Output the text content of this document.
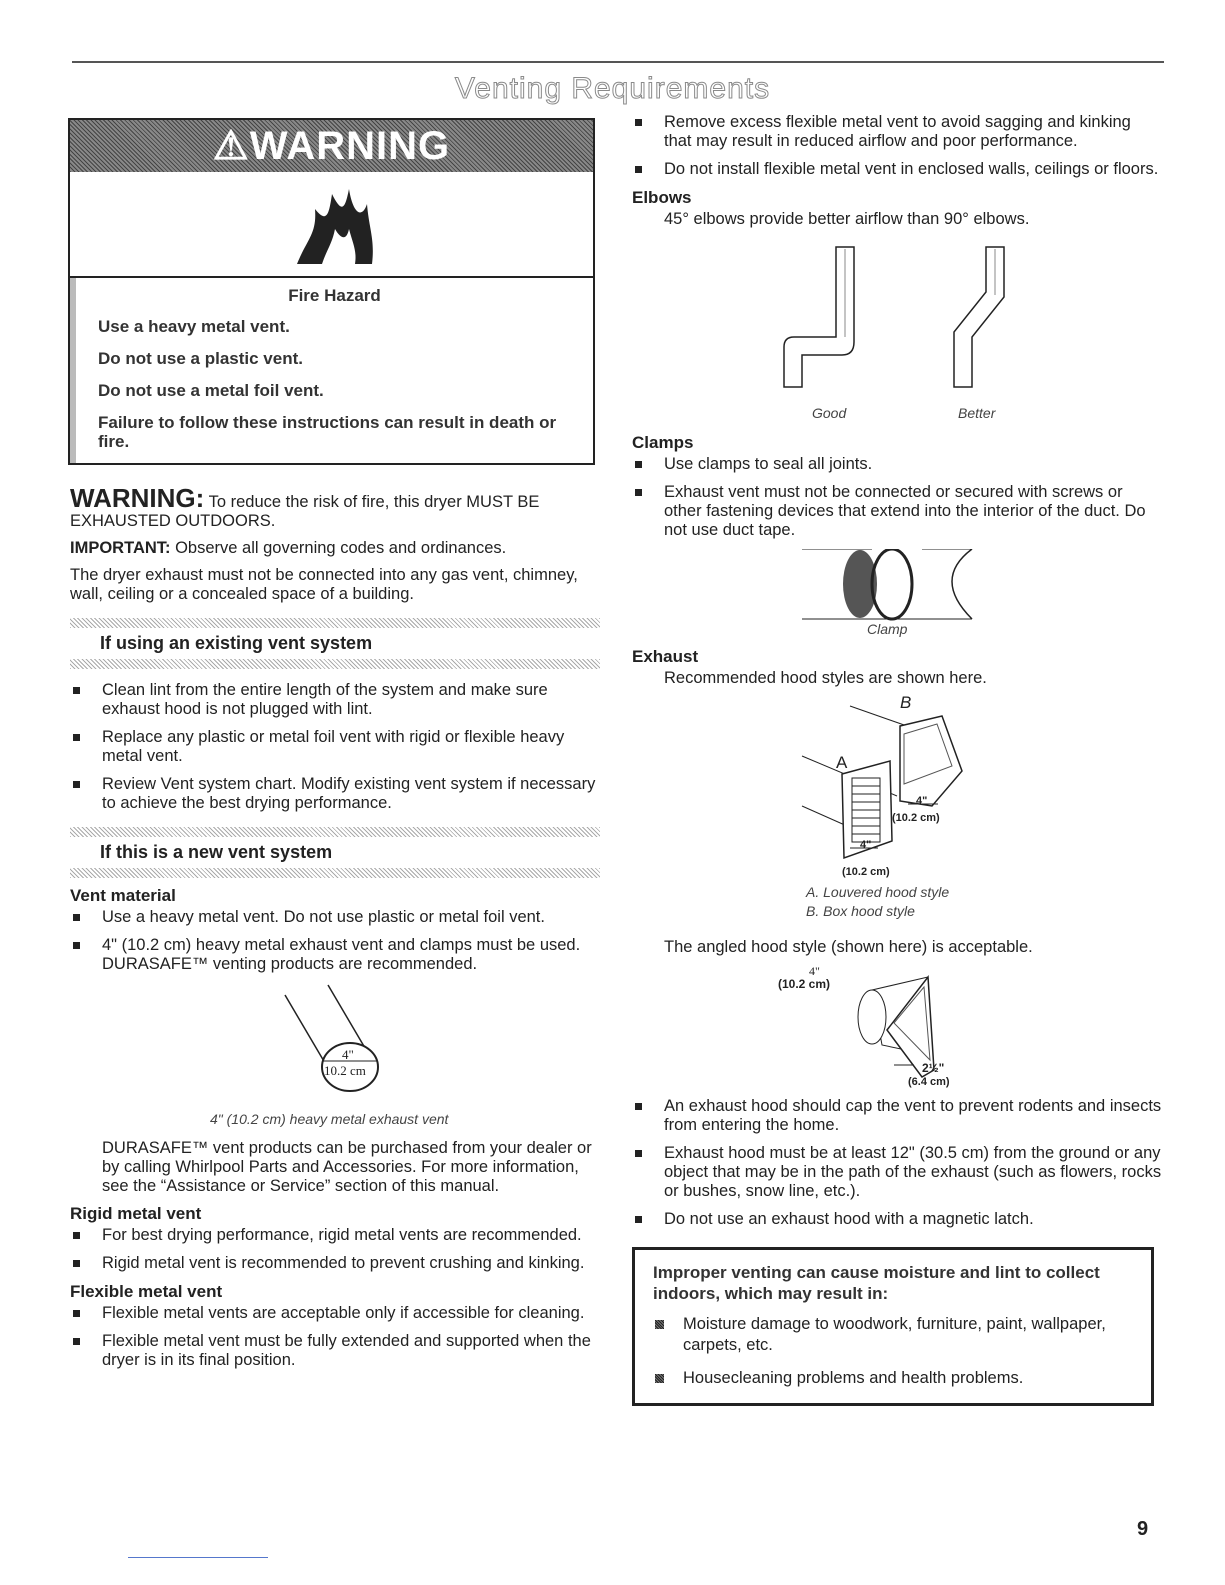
Venting Requirements
⚠WARNING
Fire Hazard
Use a heavy metal vent.
Do not use a plastic vent.
Do not use a metal foil vent.
Failure to follow these instructions can result in death or fire.

WARNING: To reduce the risk of fire, this dryer MUST BE EXHAUSTED OUTDOORS.

IMPORTANT: Observe all governing codes and ordinances.

The dryer exhaust must not be connected into any gas vent, chimney, wall, ceiling or a concealed space of a building.

If using an existing vent system
Clean lint from the entire length of the system and make sure exhaust hood is not plugged with lint.
Replace any plastic or metal foil vent with rigid or flexible heavy metal vent.
Review Vent system chart. Modify existing vent system if necessary to achieve the best drying performance.
If this is a new vent system
Vent material
Use a heavy metal vent. Do not use plastic or metal foil vent.
4" (10.2 cm) heavy metal exhaust vent and clamps must be used. DURASAFE™ venting products are recommended.
4"
10.2 cm
4" (10.2 cm) heavy metal exhaust vent

DURASAFE™ vent products can be purchased from your dealer or by calling Whirlpool Parts and Accessories. For more information, see the “Assistance or Service” section of this manual.

Rigid metal vent
For best drying performance, rigid metal vents are recommended.
Rigid metal vent is recommended to prevent crushing and kinking.
Flexible metal vent
Flexible metal vents are acceptable only if accessible for cleaning.
Flexible metal vent must be fully extended and supported when the dryer is in its final position.
Remove excess flexible metal vent to avoid sagging and kinking that may result in reduced airflow and poor performance.
Do not install flexible metal vent in enclosed walls, ceilings or floors.
Elbows

45° elbows provide better airflow than 90° elbows.

Good	Better
Clamps
Use clamps to seal all joints.
Exhaust vent must not be connected or secured with screws or other fastening devices that extend into the interior of the duct. Do not use duct tape.
Clamp
Exhaust

Recommended hood styles are shown here.

B
A
4"
(10.2 cm)
4"
(10.2 cm)
A. Louvered hood style
B. Box hood style

The angled hood style (shown here) is acceptable.

4"
(10.2 cm)
2½"
(6.4 cm)
An exhaust hood should cap the vent to prevent rodents and insects from entering the home.
Exhaust hood must be at least 12" (30.5 cm) from the ground or any object that may be in the path of the exhaust (such as flowers, rocks or bushes, snow line, etc.).
Do not use an exhaust hood with a magnetic latch.
Improper venting can cause moisture and lint to collect indoors, which may result in:
Moisture damage to woodwork, furniture, paint, wallpaper, carpets, etc.
Housecleaning problems and health problems.
9
